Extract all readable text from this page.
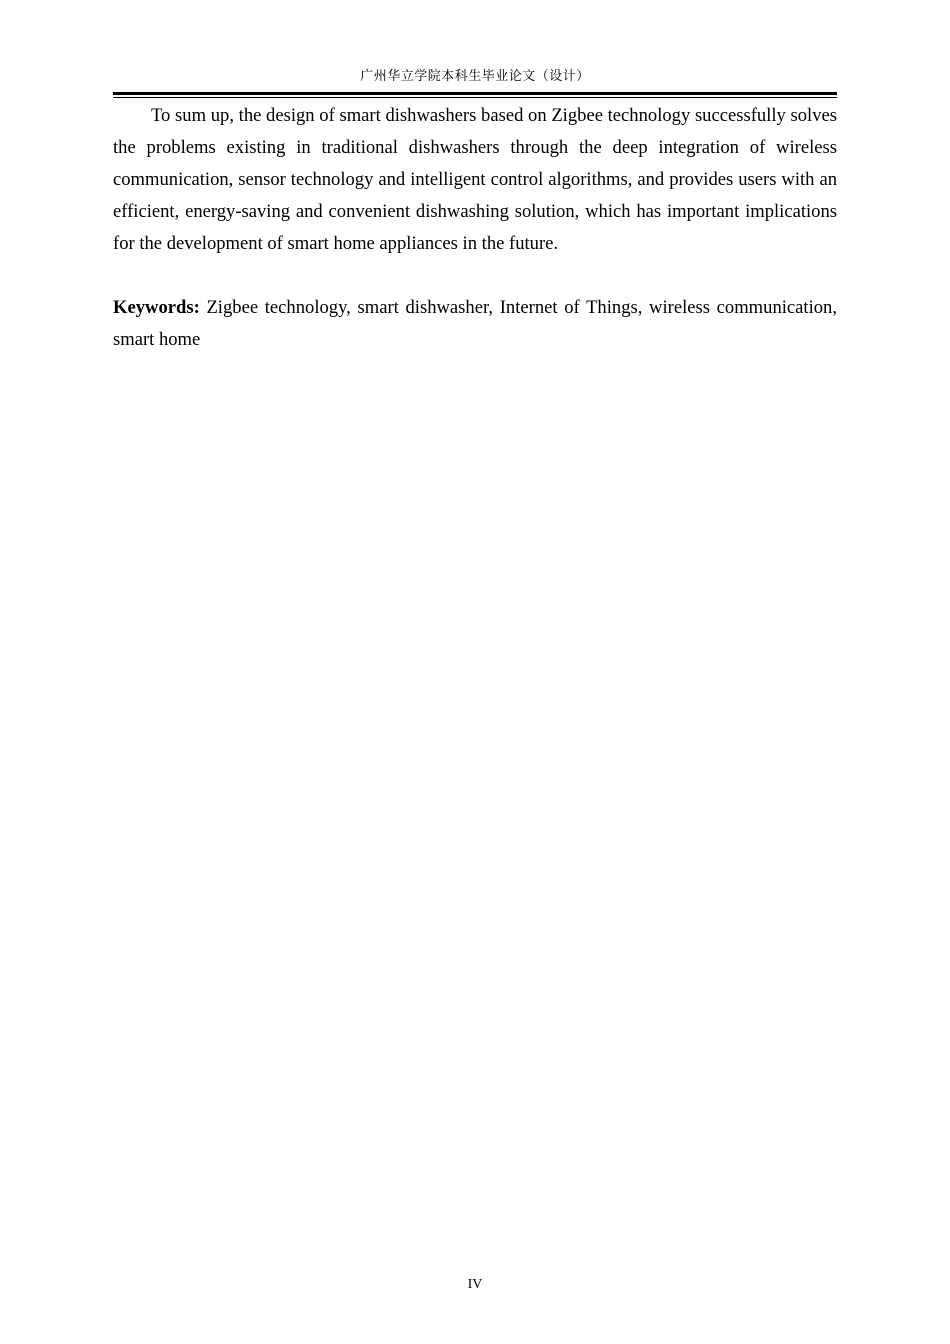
广州华立学院本科生毕业论文（设计）

To sum up, the design of smart dishwashers based on Zigbee technology successfully solves the problems existing in traditional dishwashers through the deep integration of wireless communication, sensor technology and intelligent control algorithms, and provides users with an efficient, energy-saving and convenient dishwashing solution, which has important implications for the development of smart home appliances in the future.

Keywords: Zigbee technology, smart dishwasher, Internet of Things, wireless communication, smart home

IV
